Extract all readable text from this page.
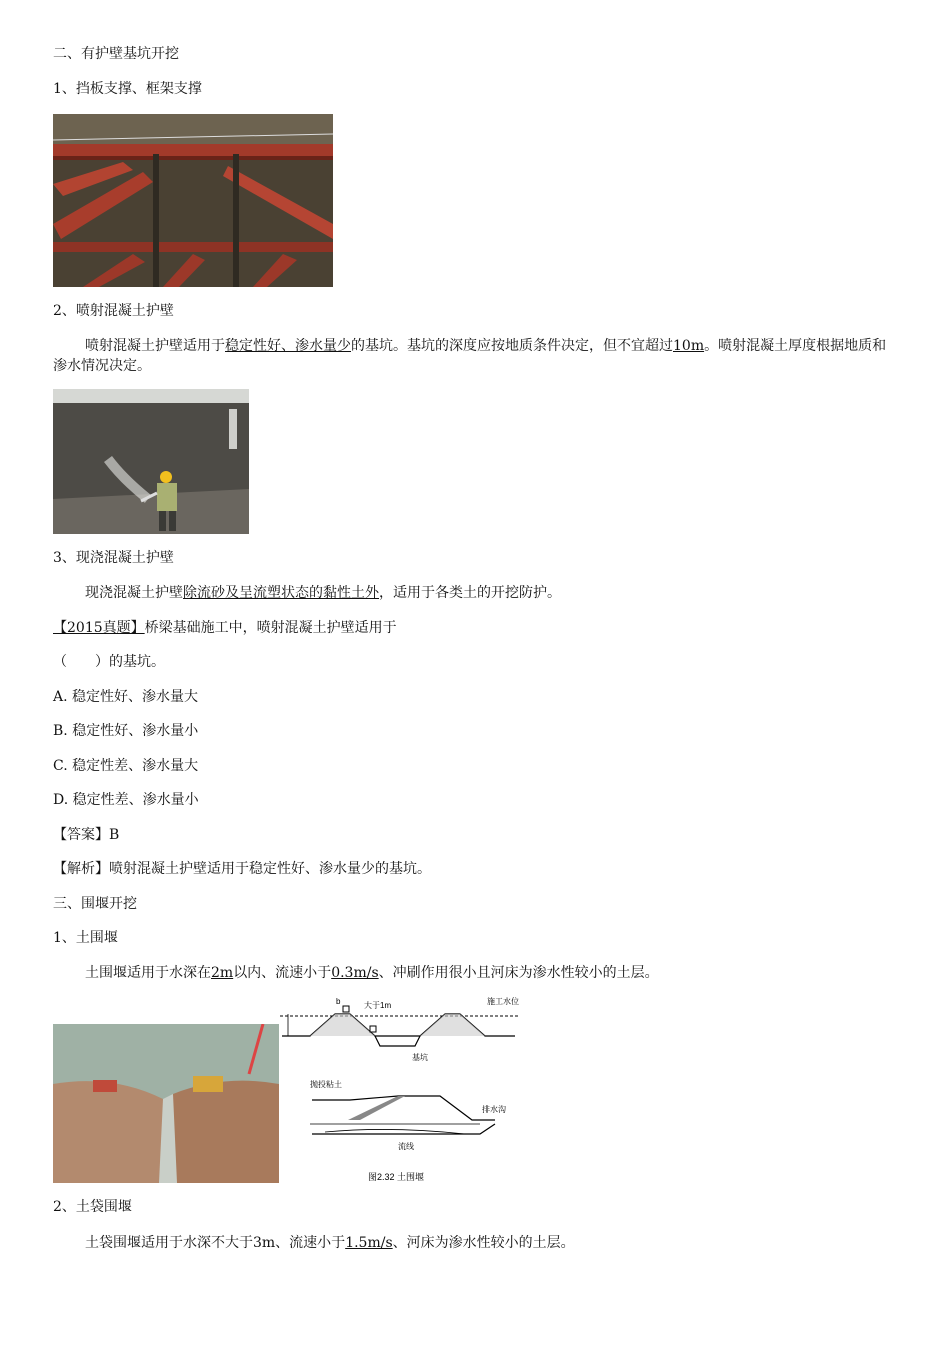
二、有护壁基坑开挖
1、挡板支撑、框架支撑
2、喷射混凝土护壁
喷射混凝土护壁适用于稳定性好、渗水量少的基坑。基坑的深度应按地质条件决定，但不宜超过10m。喷射混凝土厚度根据地质和渗水情况决定。
3、现浇混凝土护壁
现浇混凝土护壁除流砂及呈流塑状态的黏性土外，适用于各类土的开挖防护。
【2015真题】桥梁基础施工中，喷射混凝土护壁适用于
（　　）的基坑。
A. 稳定性好、渗水量大
B. 稳定性好、渗水量小
C. 稳定性差、渗水量大
D. 稳定性差、渗水量小
【答案】B
【解析】喷射混凝土护壁适用于稳定性好、渗水量少的基坑。
三、围堰开挖
1、土围堰
土围堰适用于水深在2m以内、流速小于0.3m/s、冲刷作用很小且河床为渗水性较小的土层。
大于1m	施工水位
基坑
b
抛投粘土
排水沟
流线
图2.32 土围堰
2、土袋围堰
土袋围堰适用于水深不大于3m、流速小于1.5m/s、河床为渗水性较小的土层。
